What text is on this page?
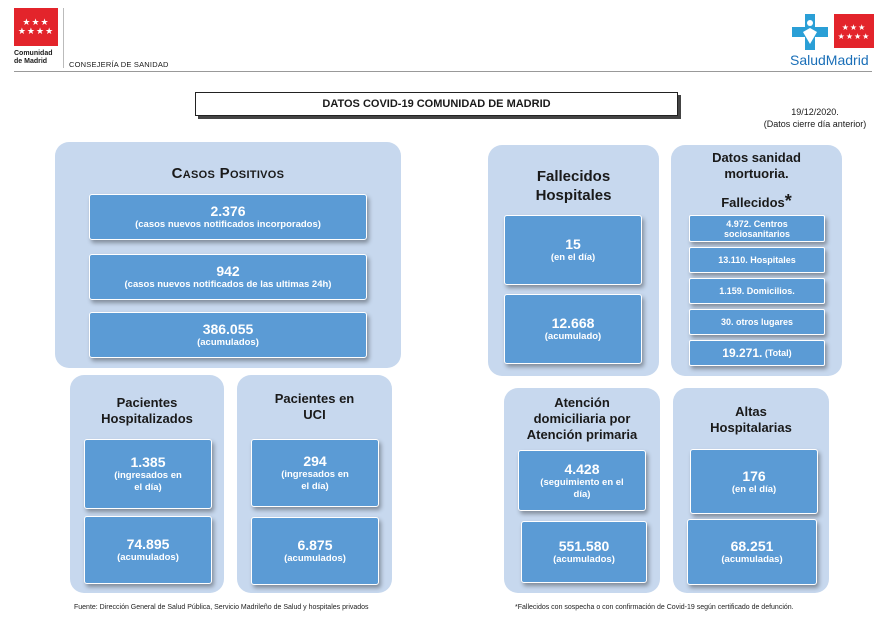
★★★
★★★★
Comunidad
de Madrid	CONSEJERÍA DE SANIDAD
★★★
★★★★
SaludMadrid
DATOS COVID-19 COMUNIDAD DE MADRID
19/12/2020.
(Datos cierre día anterior)
Casos Positivos
2.376
(casos nuevos notificados incorporados)
942
(casos nuevos notificados de las ultimas 24h)
386.055
(acumulados)
Pacientes
Hospitalizados
1.385
(ingresados en
el día)
74.895
(acumulados)
Pacientes en
UCI
294
(ingresados en
el día)
6.875
(acumulados)
Fallecidos
Hospitales
15
(en el día)
12.668
(acumulado)
Datos sanidad
mortuoria.
Fallecidos*
4.972. Centros
sociosanitarios
13.110. Hospitales
1.159. Domicilios.
30. otros lugares
19.271.
(Total)
Atención
domiciliaria por
Atención primaria
4.428
(seguimiento en el
día)
551.580
(acumulados)
Altas
Hospitalarias
176
(en el día)
68.251
(acumuladas)
Fuente: Dirección General de Salud Pública, Servicio Madrileño de Salud y hospitales privados	*Fallecidos con sospecha o con confirmación de Covid-19 según certificado de defunción.
